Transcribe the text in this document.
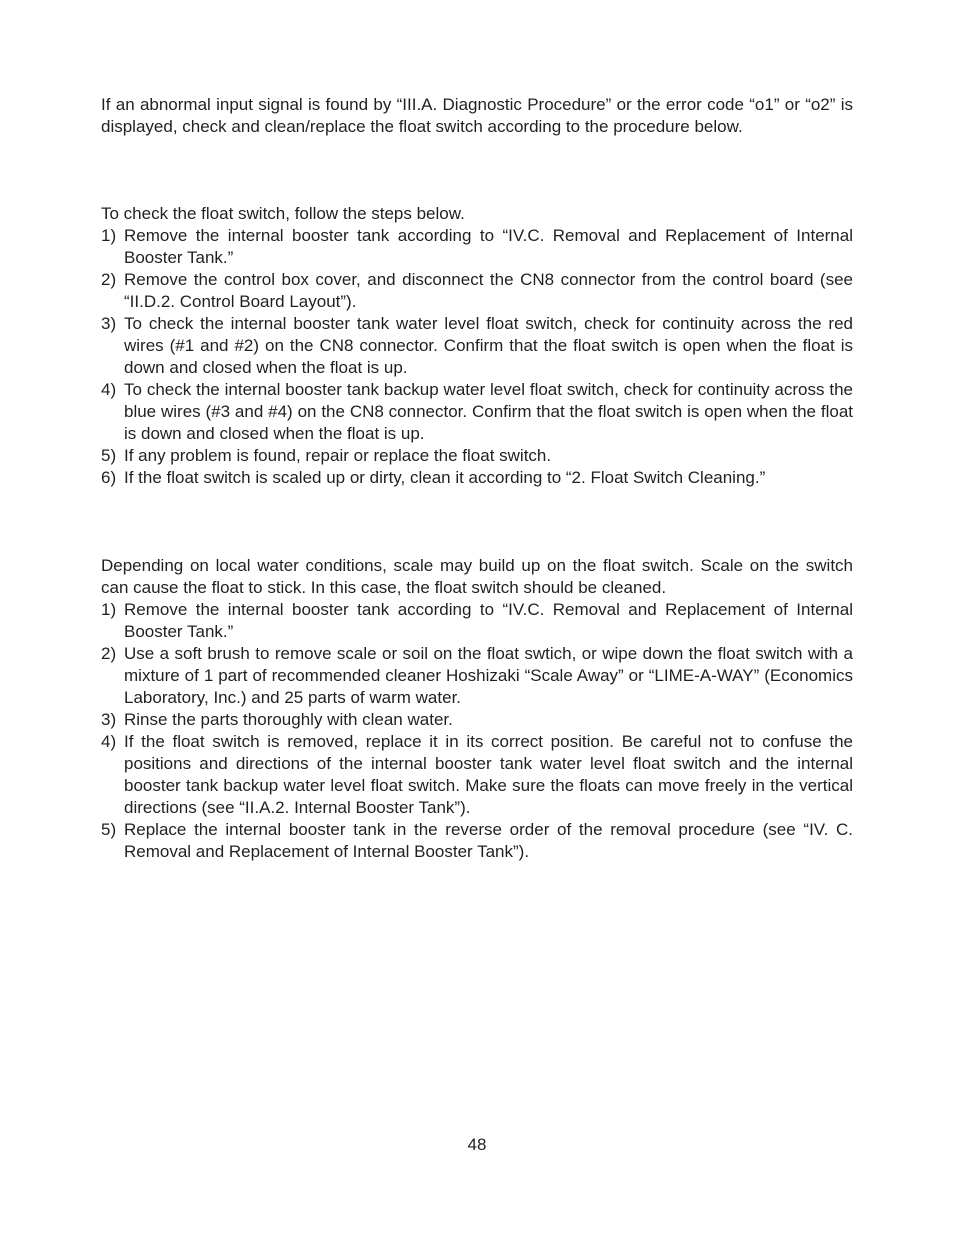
If an abnormal input signal is found by “III.A. Diagnostic Procedure” or the error code “o1” or “o2” is displayed, check and clean/replace the float switch according to the procedure below.

To check the float switch, follow the steps below.

1) Remove the internal booster tank according to “IV.C. Removal and Replacement of Internal Booster Tank.”
2) Remove the control box cover, and disconnect the CN8 connector from the control board (see “II.D.2. Control Board Layout”).
3) To check the internal booster tank water level float switch, check for continuity across the red wires (#1 and #2) on the CN8 connector. Confirm that the float switch is open when the float is down and closed when the float is up.
4) To check the internal booster tank backup water level float switch, check for continuity across the blue wires (#3 and #4) on the CN8 connector. Confirm that the float switch is open when the float is down and closed when the float is up.
5) If any problem is found, repair or replace the float switch.
6) If the float switch is scaled up or dirty, clean it according to “2. Float Switch Cleaning.”

Depending on local water conditions, scale may build up on the float switch. Scale on the switch can cause the float to stick. In this case, the float switch should be cleaned.

1) Remove the internal booster tank according to “IV.C. Removal and Replacement of Internal Booster Tank.”
2) Use a soft brush to remove scale or soil on the float swtich, or wipe down the float switch with a mixture of 1 part of recommended cleaner Hoshizaki “Scale Away” or “LIME-A-WAY” (Economics Laboratory, Inc.) and 25 parts of warm water.
3) Rinse the parts thoroughly with clean water.
4) If the float switch is removed, replace it in its correct position. Be careful not to confuse the positions and directions of the internal booster tank water level float switch and the internal booster tank backup water level float switch. Make sure the floats can move freely in the vertical directions (see “II.A.2. Internal Booster Tank”).
5) Replace the internal booster tank in the reverse order of the removal procedure (see “IV. C. Removal and Replacement of Internal Booster Tank”).
48
